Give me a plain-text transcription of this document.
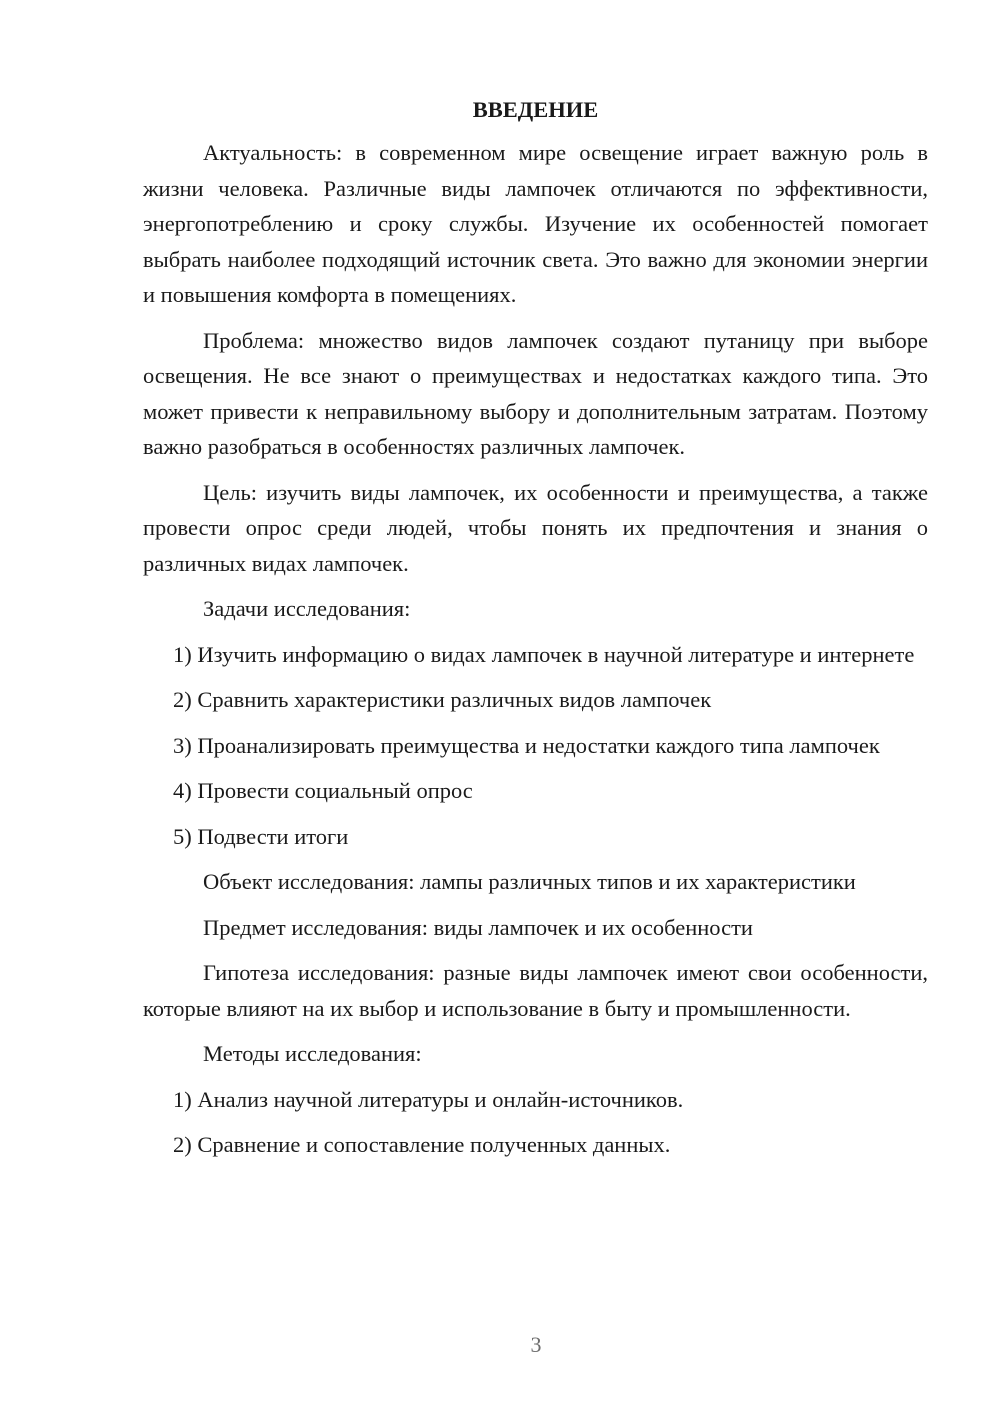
ВВЕДЕНИЕ
Актуальность: в современном мире освещение играет важную роль в жизни человека. Различные виды лампочек отличаются по эффективности, энергопотреблению и сроку службы. Изучение их особенностей помогает выбрать наиболее подходящий источник света. Это важно для экономии энергии и повышения комфорта в помещениях.
Проблема: множество видов лампочек создают путаницу при выборе освещения. Не все знают о преимуществах и недостатках каждого типа. Это может привести к неправильному выбору и дополнительным затратам. Поэтому важно разобраться в особенностях различных лампочек.
Цель: изучить виды лампочек, их особенности и преимущества, а также провести опрос среди людей, чтобы понять их предпочтения и знания о различных видах лампочек.
Задачи исследования:
1) Изучить информацию о видах лампочек в научной литературе и интернете
2) Сравнить характеристики различных видов лампочек
3) Проанализировать преимущества и недостатки каждого типа лампочек
4) Провести социальный опрос
5) Подвести итоги
Объект исследования: лампы различных типов и их характеристики
Предмет исследования: виды лампочек и их особенности
Гипотеза исследования: разные виды лампочек имеют свои особенности, которые влияют на их выбор и использование в быту и промышленности.
Методы исследования:
1) Анализ научной литературы и онлайн-источников.
2) Сравнение и сопоставление полученных данных.
3
